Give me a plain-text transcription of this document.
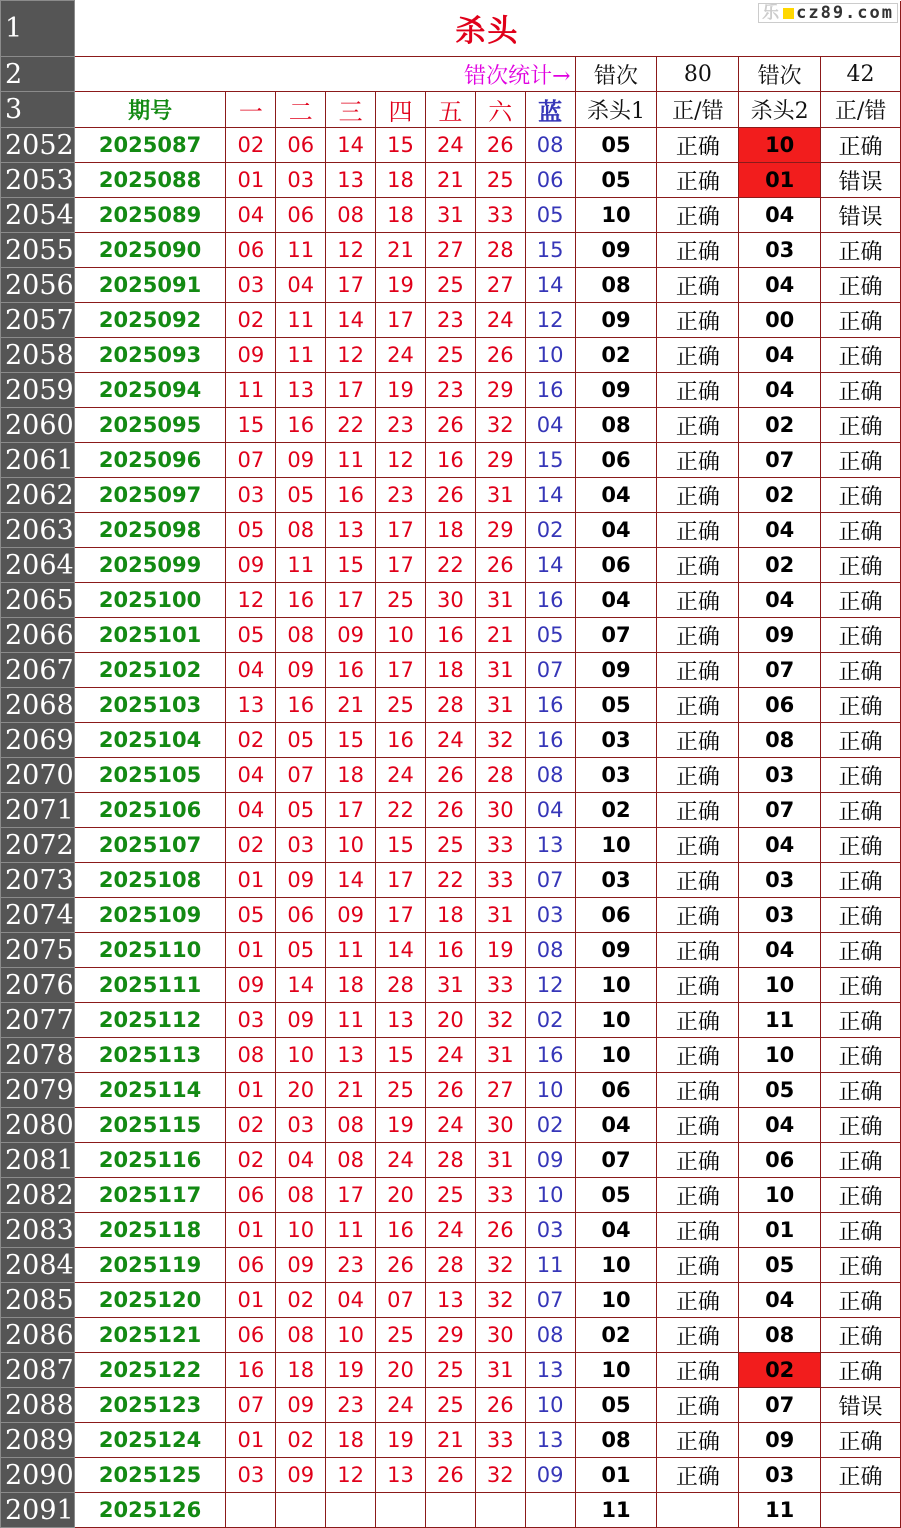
1	杀头
乐 cz89.com											

2	错次统计→								错次	80	错次	42
3	期号	一	二	三	四	五	六	蓝	杀头1	正/错	杀头2	正/错
2052	2025087	02	06	14	15	24	26	08	05	正确	10	正确
2053	2025088	01	03	13	18	21	25	06	05	正确	01	错误
2054	2025089	04	06	08	18	31	33	05	10	正确	04	错误
2055	2025090	06	11	12	21	27	28	15	09	正确	03	正确
2056	2025091	03	04	17	19	25	27	14	08	正确	04	正确
2057	2025092	02	11	14	17	23	24	12	09	正确	00	正确
2058	2025093	09	11	12	24	25	26	10	02	正确	04	正确
2059	2025094	11	13	17	19	23	29	16	09	正确	04	正确
2060	2025095	15	16	22	23	26	32	04	08	正确	02	正确
2061	2025096	07	09	11	12	16	29	15	06	正确	07	正确
2062	2025097	03	05	16	23	26	31	14	04	正确	02	正确
2063	2025098	05	08	13	17	18	29	02	04	正确	04	正确
2064	2025099	09	11	15	17	22	26	14	06	正确	02	正确
2065	2025100	12	16	17	25	30	31	16	04	正确	04	正确
2066	2025101	05	08	09	10	16	21	05	07	正确	09	正确
2067	2025102	04	09	16	17	18	31	07	09	正确	07	正确
2068	2025103	13	16	21	25	28	31	16	05	正确	06	正确
2069	2025104	02	05	15	16	24	32	16	03	正确	08	正确
2070	2025105	04	07	18	24	26	28	08	03	正确	03	正确
2071	2025106	04	05	17	22	26	30	04	02	正确	07	正确
2072	2025107	02	03	10	15	25	33	13	10	正确	04	正确
2073	2025108	01	09	14	17	22	33	07	03	正确	03	正确
2074	2025109	05	06	09	17	18	31	03	06	正确	03	正确
2075	2025110	01	05	11	14	16	19	08	09	正确	04	正确
2076	2025111	09	14	18	28	31	33	12	10	正确	10	正确
2077	2025112	03	09	11	13	20	32	02	10	正确	11	正确
2078	2025113	08	10	13	15	24	31	16	10	正确	10	正确
2079	2025114	01	20	21	25	26	27	10	06	正确	05	正确
2080	2025115	02	03	08	19	24	30	02	04	正确	04	正确
2081	2025116	02	04	08	24	28	31	09	07	正确	06	正确
2082	2025117	06	08	17	20	25	33	10	05	正确	10	正确
2083	2025118	01	10	11	16	24	26	03	04	正确	01	正确
2084	2025119	06	09	23	26	28	32	11	10	正确	05	正确
2085	2025120	01	02	04	07	13	32	07	10	正确	04	正确
2086	2025121	06	08	10	25	29	30	08	02	正确	08	正确
2087	2025122	16	18	19	20	25	31	13	10	正确	02	正确
2088	2025123	07	09	23	24	25	26	10	05	正确	07	错误
2089	2025124	01	02	18	19	21	33	13	08	正确	09	正确
2090	2025125	03	09	12	13	26	32	09	01	正确	03	正确
2091	2025126								11		11	
